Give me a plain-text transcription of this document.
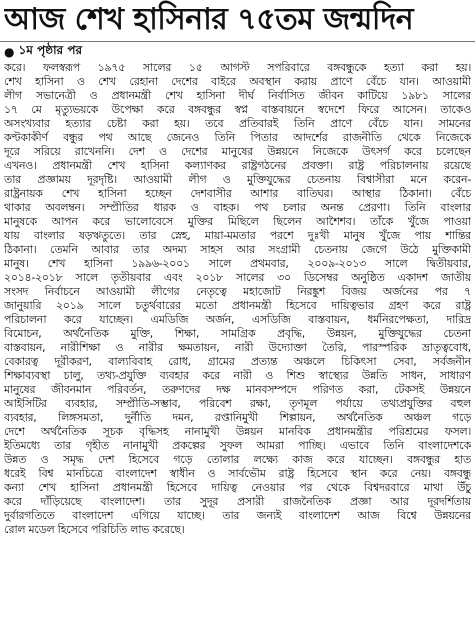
আজ শেখ হাসিনার ৭৫তম জন্মদিন
● ১ম পৃষ্ঠার পর
করে। ফলস্বরূপ ১৯৭৫ সালের ১৫ আগস্ট সপরিবারে বঙ্গবন্ধুকে হত্যা করা হয়।
শেখ হাসিনা ও শেখ রেহানা দেশের বাইরে অবস্থান করায় প্রাণে বেঁচে যান। আওয়ামী
লীগ সভানেত্রী ও প্রধানমন্ত্রী শেখ হাসিনা দীর্ঘ নির্বাসিত জীবন কাটিয়ে ১৯৮১ সালের
১৭ মে মৃত্যুভয়কে উপেক্ষা করে বঙ্গবন্ধুর স্বপ্ন বাস্তবায়নে স্বদেশে ফিরে আসেন। তাকেও
অসংখ্যবার হত্যার চেষ্টা করা হয়। তবে প্রতিবারই তিনি প্রাণে বেঁচে যান। সামনের
কণ্টকাকীর্ণ বন্ধুর পথ আছে জেনেও তিনি পিতার আদর্শের রাজনীতি থেকে নিজেকে
দূরে সরিয়ে রাখেননি। দেশ ও দেশের মানুষের উন্নয়নে নিজেকে উৎসর্গ করে চলেছেন
এখনও। প্রধানমন্ত্রী শেখ হাসিনা কল্যাণকর রাষ্ট্রগঠনের প্রবক্তা। রাষ্ট্র পরিচালনায় রয়েছে
তার প্রজ্ঞাময় দূরদৃষ্টি। আওয়ামী লীগ ও মুক্তিযুদ্ধের চেতনায় বিশ্বাসীরা মনে করেন-
রাষ্ট্রনায়ক শেখ হাসিনা হচ্ছেন দেশবাসীর আশার বাতিঘর। আস্থার ঠিকানা। বেঁচে
থাকার অবলম্বন। সম্প্রীতির ধারক ও বাহক। পথ চলার অনন্ত প্রেরণা। তিনি বাংলার
মানুষকে আপন করে ভালোবেসে মুক্তির মিছিলে ছিলেন আশৈশব। তাঁকে খুঁজে পাওয়া
যায় বাংলার ষড়ঋতুতে। তার স্নেহ, মায়া-মমতার পরশে দুঃখী মানুষ খুঁজে পায় শান্তির
ঠিকানা। তেমনি আবার তার অদম্য সাহস আর সংগ্রামী চেতনায় জেগে উঠে মুক্তিকামী
মানুষ। শেখ হাসিনা ১৯৯৬-২০০১ সালে প্রথমবার, ২০০৯-২০১৩ সালে দ্বিতীয়বার,
২০১৪-২০১৮ সালে তৃতীয়বার এবং ২০১৮ সালের ৩০ ডিসেম্বর অনুষ্ঠিত একাদশ জাতীয়
সংসদ নির্বাচনে আওয়ামী লীগের নেতৃত্বে মহাজোট নিরঙ্কুশ বিজয় অর্জনের পর ৭
জানুয়ারি ২০১৯ সালে চতুর্থবারের মতো প্রধানমন্ত্রী হিসেবে দায়িত্বভার গ্রহণ করে রাষ্ট্র
পরিচালনা করে যাচ্ছেন। এমডিজি অর্জন, এসডিজি বাস্তবায়ন, ধর্মনিরপেক্ষতা, দারিদ্র
বিমোচন, অর্থনৈতিক মুক্তি, শিক্ষা, সামগ্রিক প্রবৃদ্ধি, উন্নয়ন, মুক্তিযুদ্ধের চেতনা
বাস্তবায়ন, নারীশিক্ষা ও নারীর ক্ষমতায়ন, নারী উদ্যোক্তা তৈরি, পারস্পরিক ভ্রাতৃত্ববোধ,
বেকারত্ব দূরীকরণ, বাল্যবিবাহ রোধ, গ্রামের প্রত্যন্ত অঞ্চলে চিকিৎসা সেবা, সর্বজনীন
শিক্ষাব্যবস্থা চালু, তথ্য-প্রযুক্তি ব্যবহার করে নারী ও শিশু স্বাস্থ্যের উন্নতি সাধন, সাধারণ
মানুষের জীবনমান পরিবর্তন, তরুণদের দক্ষ মানবসম্পদে পরিণত করা, টেকসই উন্নয়নে
আইসিটির ব্যবহার, সম্প্রীতি-সম্ভাব, পরিবেশ রক্ষা, তৃণমূল পর্যায়ে তথ্যপ্রযুক্তির বহুল
ব্যবহার, লিঙ্গসমতা, দুর্নীতি দমন, রপ্তানিমুখী শিল্পায়ন, অর্থনৈতিক অঞ্চল গড়ে
দেশে অর্থনৈতিক সূচক বৃদ্ধিসহ নানামুখী উন্নয়ন মানবিক প্রধানমন্ত্রীর পরিশ্রমের ফসল।
ইতিমধ্যে তার গৃহীত নানামুখী প্রকল্পের সুফল আমরা পাচ্ছি। এভাবে তিনি বাংলাদেশকে
উন্নত ও সমৃদ্ধ দেশ হিসেবে গড়ে তোলার লক্ষ্যে কাজ করে যাচ্ছেন। বঙ্গবন্ধুর হাত
ধরেই বিশ্ব মানচিত্রে বাংলাদেশ স্বাধীন ও সার্বভৌম রাষ্ট্র হিসেবে স্থান করে নেয়। বঙ্গবন্ধু
কন্যা শেখ হাসিনা প্রধানমন্ত্রী হিসেবে দায়িত্ব নেওয়ার পর থেকে বিশ্বদরবারে মাথা উঁচু
করে দাঁড়িয়েছে বাংলাদেশ। তার সুদূর প্রসারী রাজনৈতিক প্রজ্ঞা আর দূরদর্শিতায়
দুর্বারগতিতে বাংলাদেশ এগিয়ে যাচ্ছে। তার জন্যই বাংলাদেশ আজ বিশ্বে উন্নয়নের
রোল মডেল হিসেবে পরিচিতি লাভ করেছে।
